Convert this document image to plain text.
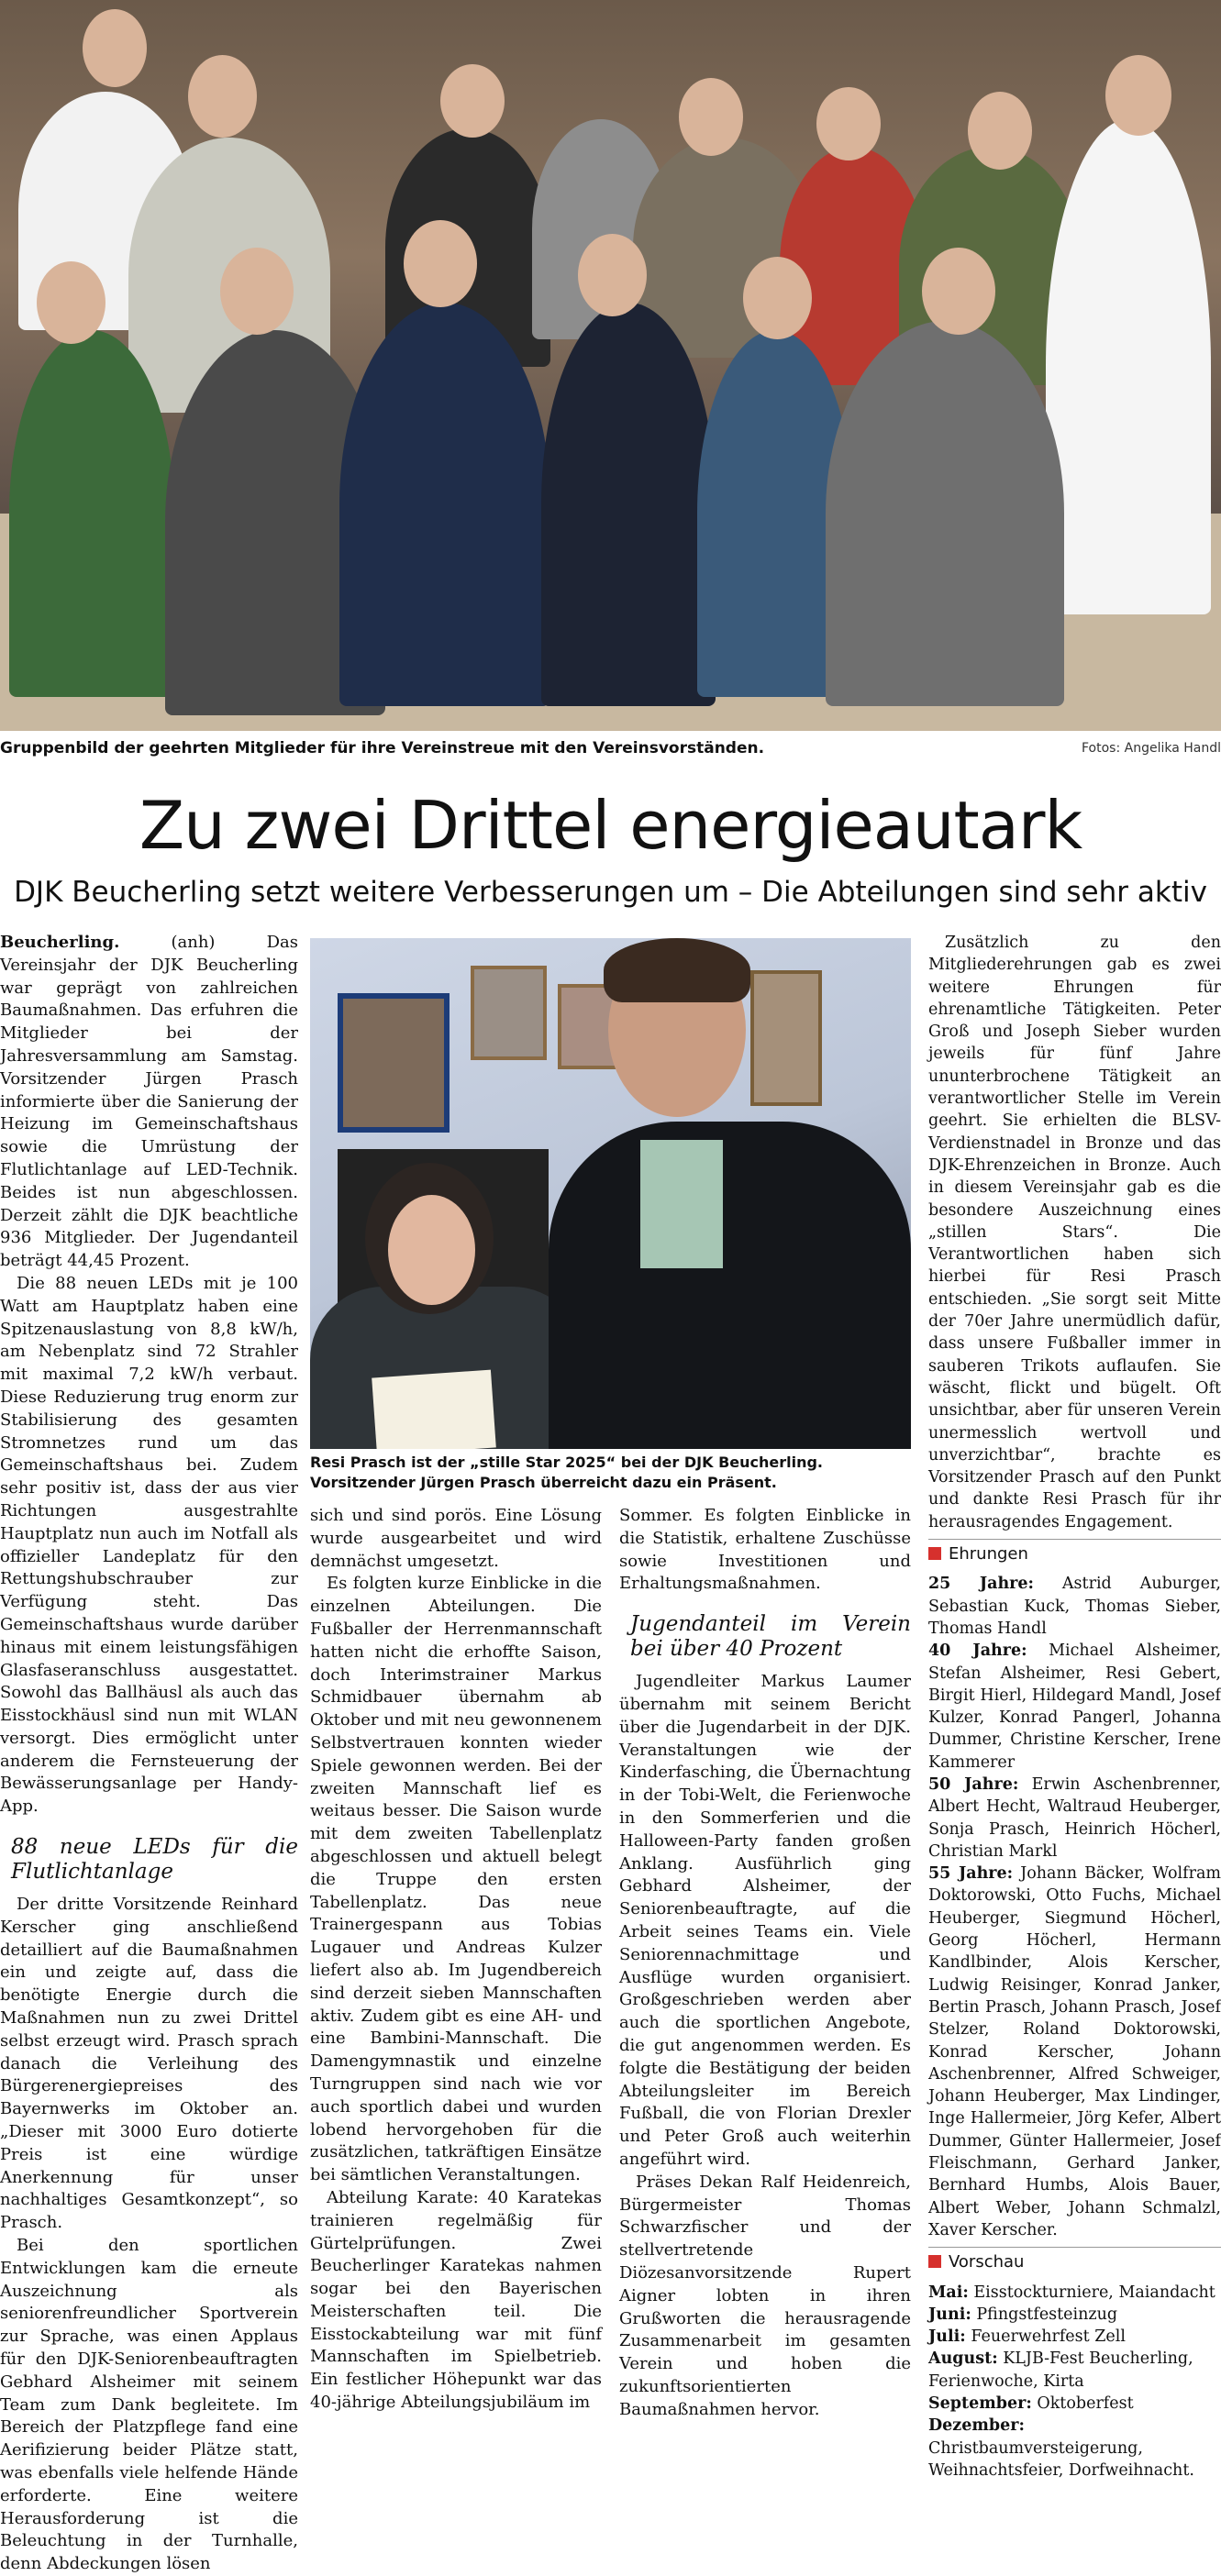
Gruppenbild der geehrten Mitglieder für ihre Vereinstreue mit den Vereinsvorständen.	Fotos: Angelika Handl
Zu zwei Drittel energieautark
DJK Beucherling setzt weitere Verbesserungen um – Die Abteilungen sind sehr aktiv

Beucherling. (anh) Das Vereinsjahr der DJK Beucherling war geprägt von zahlreichen Baumaßnahmen. Das erfuhren die Mitglieder bei der Jahresversammlung am Samstag. Vorsitzender Jürgen Prasch informierte über die Sanierung der Heizung im Gemeinschaftshaus sowie die Umrüstung der Flutlichtanlage auf LED-Technik. Beides ist nun abgeschlossen. Derzeit zählt die DJK beachtliche 936 Mitglieder. Der Jugendanteil beträgt 44,45 Prozent.

Die 88 neuen LEDs mit je 100 Watt am Hauptplatz haben eine Spitzenauslastung von 8,8 kW/h, am Nebenplatz sind 72 Strahler mit maximal 7,2 kW/h verbaut. Diese Reduzierung trug enorm zur Stabilisierung des gesamten Stromnetzes rund um das Gemeinschaftshaus bei. Zudem sehr positiv ist, dass der aus vier Richtungen ausgestrahlte Hauptplatz nun auch im Notfall als offizieller Landeplatz für den Rettungshubschrauber zur Verfügung steht. Das Gemeinschaftshaus wurde darüber hinaus mit einem leistungsfähigen Glasfaseranschluss ausgestattet. Sowohl das Ballhäusl als auch das Eisstockhäusl sind nun mit WLAN versorgt. Dies ermöglicht unter anderem die Fernsteuerung der Bewässerungsanlage per Handy-App.

88 neue LEDs für die Flutlichtanlage

Der dritte Vorsitzende Reinhard Kerscher ging anschließend detailliert auf die Baumaßnahmen ein und zeigte auf, dass die benötigte Energie durch die Maßnahmen nun zu zwei Drittel selbst erzeugt wird. Prasch sprach danach die Verleihung des Bürgerenergiepreises des Bayernwerks im Oktober an. „Dieser mit 3000 Euro dotierte Preis ist eine würdige Anerkennung für unser nachhaltiges Gesamtkonzept“, so Prasch.

Bei den sportlichen Entwicklungen kam die erneute Auszeichnung als seniorenfreundlicher Sportverein zur Sprache, was einen Applaus für den DJK-Seniorenbeauftragten Gebhard Alsheimer mit seinem Team zum Dank begleitete. Im Bereich der Platzpflege fand eine Aerifizierung beider Plätze statt, was ebenfalls viele helfende Hände erforderte. Eine weitere Herausforderung ist die Beleuchtung in der Turnhalle, denn Abdeckungen lösen

Resi Prasch ist der „stille Star 2025“ bei der DJK Beucherling. Vorsitzender Jürgen Prasch überreicht dazu ein Präsent.

sich und sind porös. Eine Lösung wurde ausgearbeitet und wird demnächst umgesetzt.

Es folgten kurze Einblicke in die einzelnen Abteilungen. Die Fußballer der Herrenmannschaft hatten nicht die erhoffte Saison, doch Interimstrainer Markus Schmidbauer übernahm ab Oktober und mit neu gewonnenem Selbstvertrauen konnten wieder Spiele gewonnen werden. Bei der zweiten Mannschaft lief es weitaus besser. Die Saison wurde mit dem zweiten Tabellenplatz abgeschlossen und aktuell belegt die Truppe den ersten Tabellenplatz. Das neue Trainergespann aus Tobias Lugauer und Andreas Kulzer liefert also ab. Im Jugendbereich sind derzeit sieben Mannschaften aktiv. Zudem gibt es eine AH- und eine Bambini-Mannschaft. Die Damengymnastik und einzelne Turngruppen sind nach wie vor auch sportlich dabei und wurden lobend hervorgehoben für die zusätzlichen, tatkräftigen Einsätze bei sämtlichen Veranstaltungen.

Abteilung Karate: 40 Karatekas trainieren regelmäßig für Gürtelprüfungen. Zwei Beucherlinger Karatekas nahmen sogar bei den Bayerischen Meisterschaften teil. Die Eisstockabteilung war mit fünf Mannschaften im Spielbetrieb. Ein festlicher Höhepunkt war das 40-jährige Abteilungsjubiläum im

Sommer. Es folgten Einblicke in die Statistik, erhaltene Zuschüsse sowie Investitionen und Erhaltungsmaßnahmen.

Jugendanteil im Verein bei über 40 Prozent

Jugendleiter Markus Laumer übernahm mit seinem Bericht über die Jugendarbeit in der DJK. Veranstaltungen wie der Kinderfasching, die Übernachtung in der Tobi-Welt, die Ferienwoche in den Sommerferien und die Halloween-Party fanden großen Anklang. Ausführlich ging Gebhard Alsheimer, der Seniorenbeauftragte, auf die Arbeit seines Teams ein. Viele Seniorennachmittage und Ausflüge wurden organisiert. Großgeschrieben werden aber auch die sportlichen Angebote, die gut angenommen werden. Es folgte die Bestätigung der beiden Abteilungsleiter im Bereich Fußball, die von Florian Drexler und Peter Groß auch weiterhin angeführt wird.

Präses Dekan Ralf Heidenreich, Bürgermeister Thomas Schwarzfischer und der stellvertretende Diözesanvorsitzende Rupert Aigner lobten in ihren Grußworten die herausragende Zusammenarbeit im gesamten Verein und hoben die zukunftsorientierten Baumaßnahmen hervor.

Zusätzlich zu den Mitgliederehrungen gab es zwei weitere Ehrungen für ehrenamtliche Tätigkeiten. Peter Groß und Joseph Sieber wurden jeweils für fünf Jahre ununterbrochene Tätigkeit an verantwortlicher Stelle im Verein geehrt. Sie erhielten die BLSV-Verdienstnadel in Bronze und das DJK-Ehrenzeichen in Bronze. Auch in diesem Vereinsjahr gab es die besondere Auszeichnung eines „stillen Stars“. Die Verantwortlichen haben sich hierbei für Resi Prasch entschieden. „Sie sorgt seit Mitte der 70er Jahre unermüdlich dafür, dass unsere Fußballer immer in sauberen Trikots auflaufen. Sie wäscht, flickt und bügelt. Oft unsichtbar, aber für unseren Verein unermesslich wertvoll und unverzichtbar“, brachte es Vorsitzender Prasch auf den Punkt und dankte Resi Prasch für ihr herausragendes Engagement.

Ehrungen

25 Jahre: Astrid Auburger, Sebastian Kuck, Thomas Sieber, Thomas Handl

40 Jahre: Michael Alsheimer, Stefan Alsheimer, Resi Gebert, Birgit Hierl, Hildegard Mandl, Josef Kulzer, Konrad Pangerl, Johanna Dummer, Christine Kerscher, Irene Kammerer

50 Jahre: Erwin Aschenbrenner, Albert Hecht, Waltraud Heuberger, Sonja Prasch, Heinrich Höcherl, Christian Markl

55 Jahre: Johann Bäcker, Wolfram Doktorowski, Otto Fuchs, Michael Heuberger, Siegmund Höcherl, Georg Höcherl, Hermann Kandlbinder, Alois Kerscher, Ludwig Reisinger, Konrad Janker, Bertin Prasch, Johann Prasch, Josef Stelzer, Roland Doktorowski, Konrad Kerscher, Johann Aschenbrenner, Alfred Schweiger, Johann Heuberger, Max Lindinger, Inge Hallermeier, Jörg Kefer, Albert Dummer, Günter Hallermeier, Josef Fleischmann, Gerhard Janker, Bernhard Humbs, Alois Bauer, Albert Weber, Johann Schmalzl, Xaver Kerscher.

Vorschau

Mai: Eisstockturniere, Maiandacht

Juni: Pfingstfesteinzug

Juli: Feuerwehrfest Zell

August: KLJB-Fest Beucherling, Ferienwoche, Kirta

September: Oktoberfest

Dezember: Christbaumversteigerung, Weihnachtsfeier, Dorfweihnacht.
